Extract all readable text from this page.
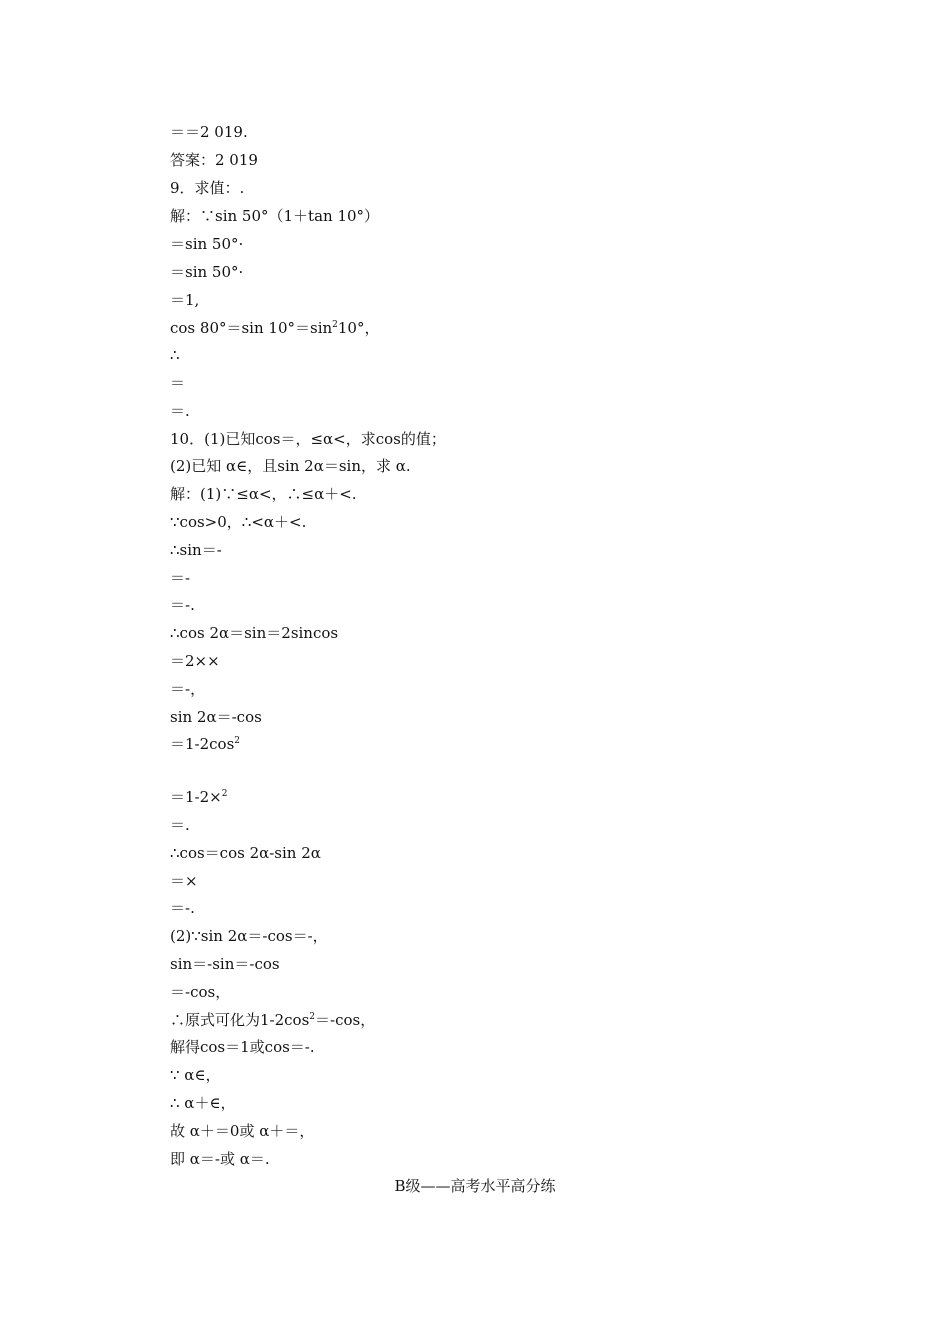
＝＝2 019.
答案：2 019
9．求值：.
解：∵sin 50°（1＋tan 10°）
＝sin 50°·
＝sin 50°·
＝1,
cos 80°＝sin $10^\circ=\sin^210^\circ$，
∴
＝
＝.
10．(1)已知cos＝，≤α<，求cos的值；
(2)已知 α∈，且sin 2α＝sin，求 α.
解：(1)∵≤α<，∴≤α＋<.
∵cos>0，∴<α＋<.
∴sin＝-
＝-
＝-.
∴cos 2α＝sin＝2sincos
＝2××
＝-，
sin 2α＝-cos
$=1-2\cos^2$
＝1-2×$^2$
＝.
∴cos＝cos 2α-sin 2α
＝×
＝-.
(2)∵sin 2α＝-cos＝-，
sin＝-sin＝-cos
＝-cos，
∴原式可化为$1-2\cos^2=-\cos$，
解得cos＝1或cos＝-.
∵ α∈，
∴ α＋∈，
故 α＋＝0或 α＋＝，
即 α＝-或 α＝.
B级——高考水平高分练
